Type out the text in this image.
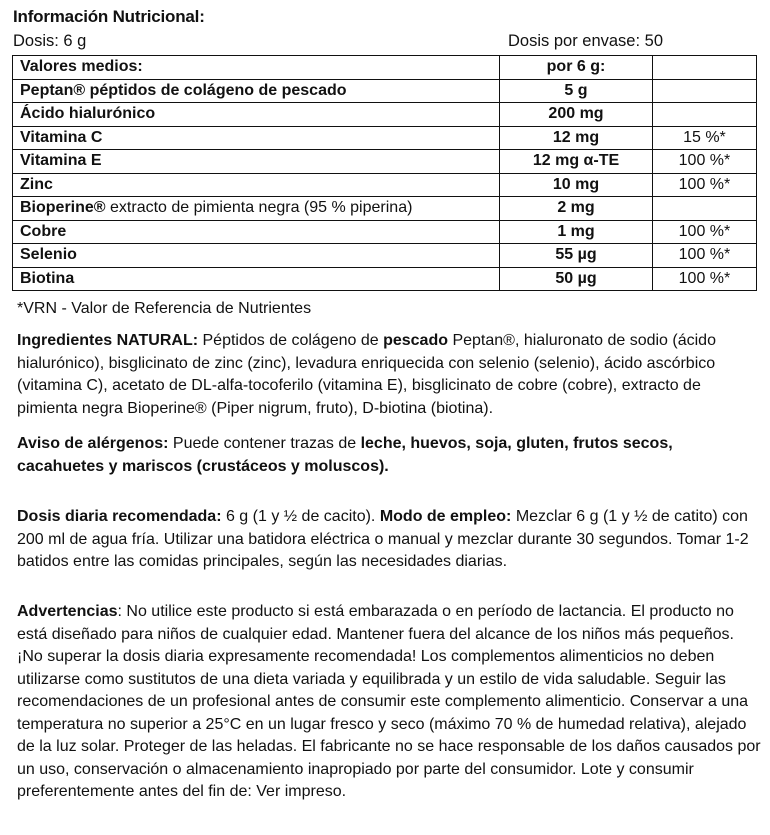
Información Nutricional:
Dosis: 6 g	Dosis por envase: 50
Valores medios:	por 6 g:	
Peptan® péptidos de colágeno de pescado	5 g	
Ácido hialurónico	200 mg	
Vitamina C	12 mg	15 %*
Vitamina E	12 mg α-TE	100 %*
Zinc	10 mg	100 %*
Bioperine® extracto de pimienta negra (95 % piperina)	2 mg	
Cobre	1 mg	100 %*
Selenio	55 µg	100 %*
Biotina	50 µg	100 %*
*VRN - Valor de Referencia de Nutrientes
Ingredientes NATURAL: Péptidos de colágeno de pescado Peptan®, hialuronato de sodio (ácido hialurónico), bisglicinato de zinc (zinc), levadura enriquecida con selenio (selenio), ácido ascórbico (vitamina C), acetato de DL-alfa-tocoferilo (vitamina E), bisglicinato de cobre (cobre), extracto de pimienta negra Bioperine® (Piper nigrum, fruto), D-biotina (biotina).
Aviso de alérgenos: Puede contener trazas de leche, huevos, soja, gluten, frutos secos, cacahuetes y mariscos (crustáceos y moluscos).
Dosis diaria recomendada: 6 g (1 y ½ de cacito). Modo de empleo: Mezclar 6 g (1 y ½ de catito) con 200 ml de agua fría. Utilizar una batidora eléctrica o manual y mezclar durante 30 segundos. Tomar 1-2 batidos entre las comidas principales, según las necesidades diarias.
Advertencias: No utilice este producto si está embarazada o en período de lactancia. El producto no está diseñado para niños de cualquier edad. Mantener fuera del alcance de los niños más pequeños. ¡No superar la dosis diaria expresamente recomendada! Los complementos alimenticios no deben utilizarse como sustitutos de una dieta variada y equilibrada y un estilo de vida saludable. Seguir las recomendaciones de un profesional antes de consumir este complemento alimenticio. Conservar a una temperatura no superior a 25°C en un lugar fresco y seco (máximo 70 % de humedad relativa), alejado de la luz solar. Proteger de las heladas. El fabricante no se hace responsable de los daños causados por un uso, conservación o almacenamiento inapropiado por parte del consumidor. Lote y consumir preferentemente antes del fin de: Ver impreso.
